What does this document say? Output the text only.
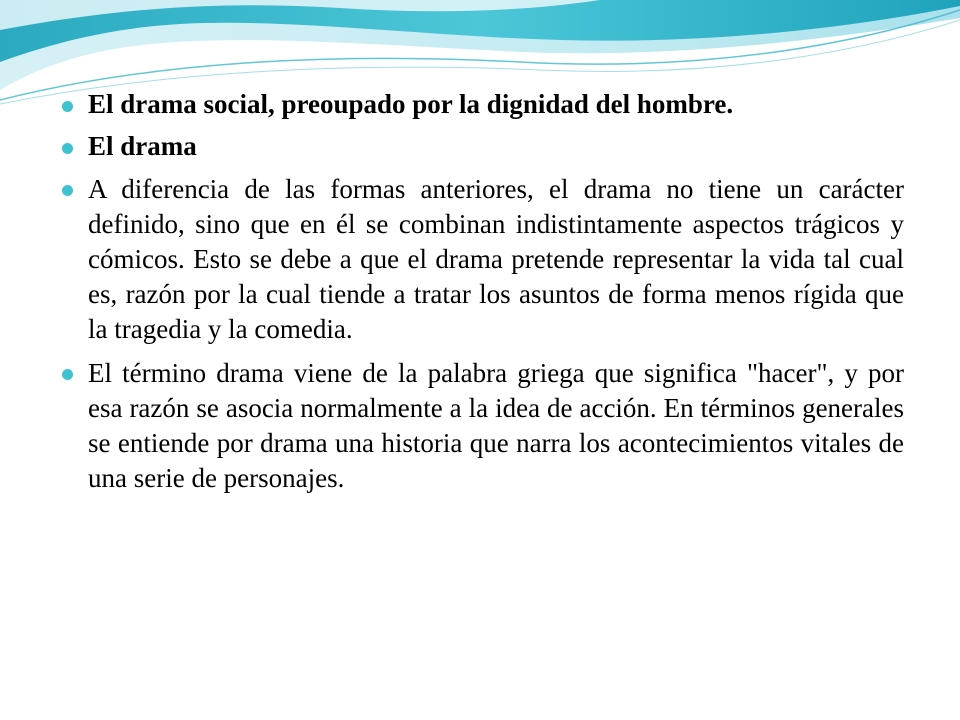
El drama social, preoupado por la dignidad del hombre.
El drama
A diferencia de las formas anteriores, el drama no tiene un carácter definido, sino que en él se combinan indistintamente aspectos trágicos y cómicos. Esto se debe a que el drama pretende representar la vida tal cual es, razón por la cual tiende a tratar los asuntos de forma menos rígida que la tragedia y la comedia.
El término drama viene de la palabra griega que significa "hacer", y por esa razón se asocia normalmente a la idea de acción. En términos generales se entiende por drama una historia que narra los acontecimientos vitales de una serie de personajes.
